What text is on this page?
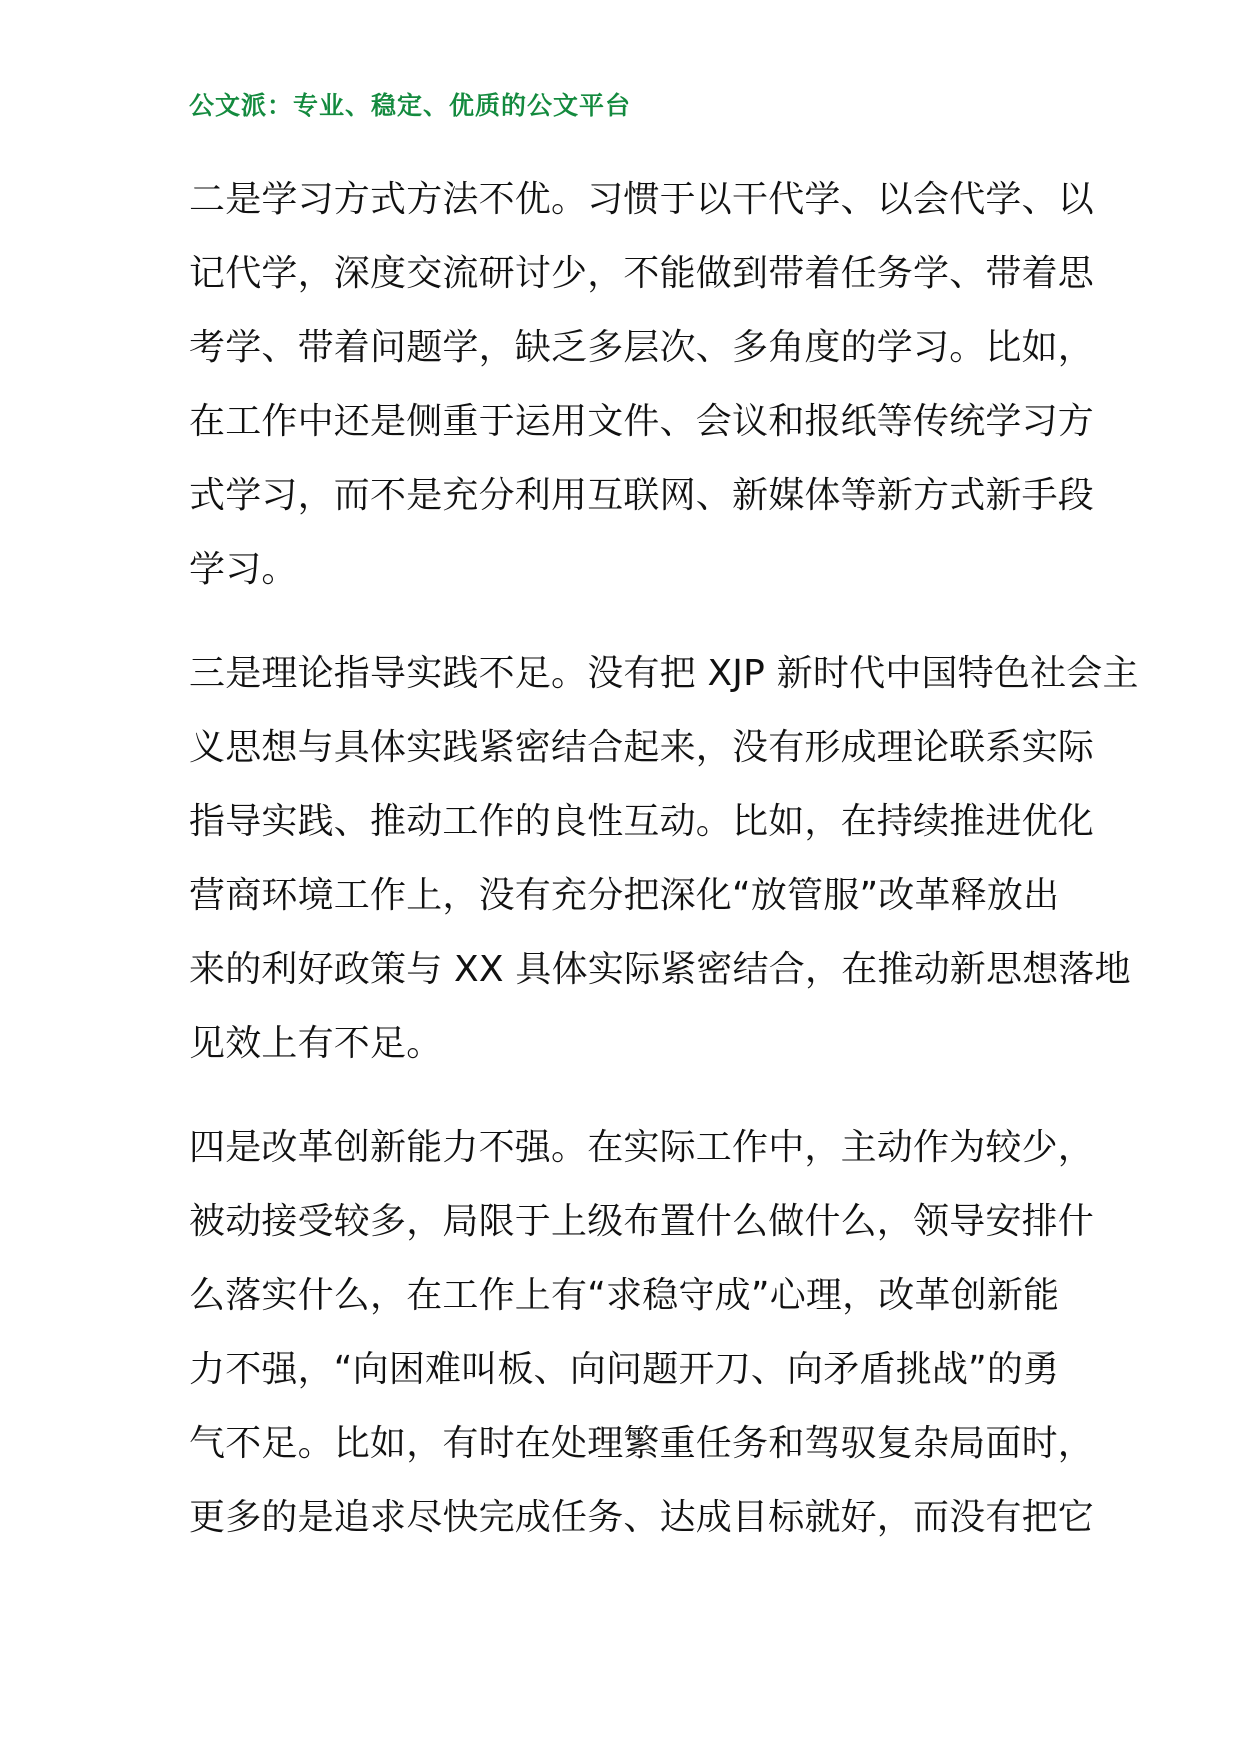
公文派：专业、稳定、优质的公文平台
二是学习方式方法不优。习惯于以干代学、以会代学、以
记代学，深度交流研讨少，不能做到带着任务学、带着思
考学、带着问题学，缺乏多层次、多角度的学习。比如，
在工作中还是侧重于运用文件、会议和报纸等传统学习方
式学习，而不是充分利用互联网、新媒体等新方式新手段
学习。
三是理论指导实践不足。没有把 XJP 新时代中国特色社会主
义思想与具体实践紧密结合起来，没有形成理论联系实际
指导实践、推动工作的良性互动。比如，在持续推进优化
营商环境工作上，没有充分把深化“放管服”改革释放出
来的利好政策与 XX 具体实际紧密结合，在推动新思想落地
见效上有不足。
四是改革创新能力不强。在实际工作中，主动作为较少，
被动接受较多，局限于上级布置什么做什么，领导安排什
么落实什么，在工作上有“求稳守成”心理，改革创新能
力不强，“向困难叫板、向问题开刀、向矛盾挑战”的勇
气不足。比如，有时在处理繁重任务和驾驭复杂局面时，
更多的是追求尽快完成任务、达成目标就好，而没有把它
